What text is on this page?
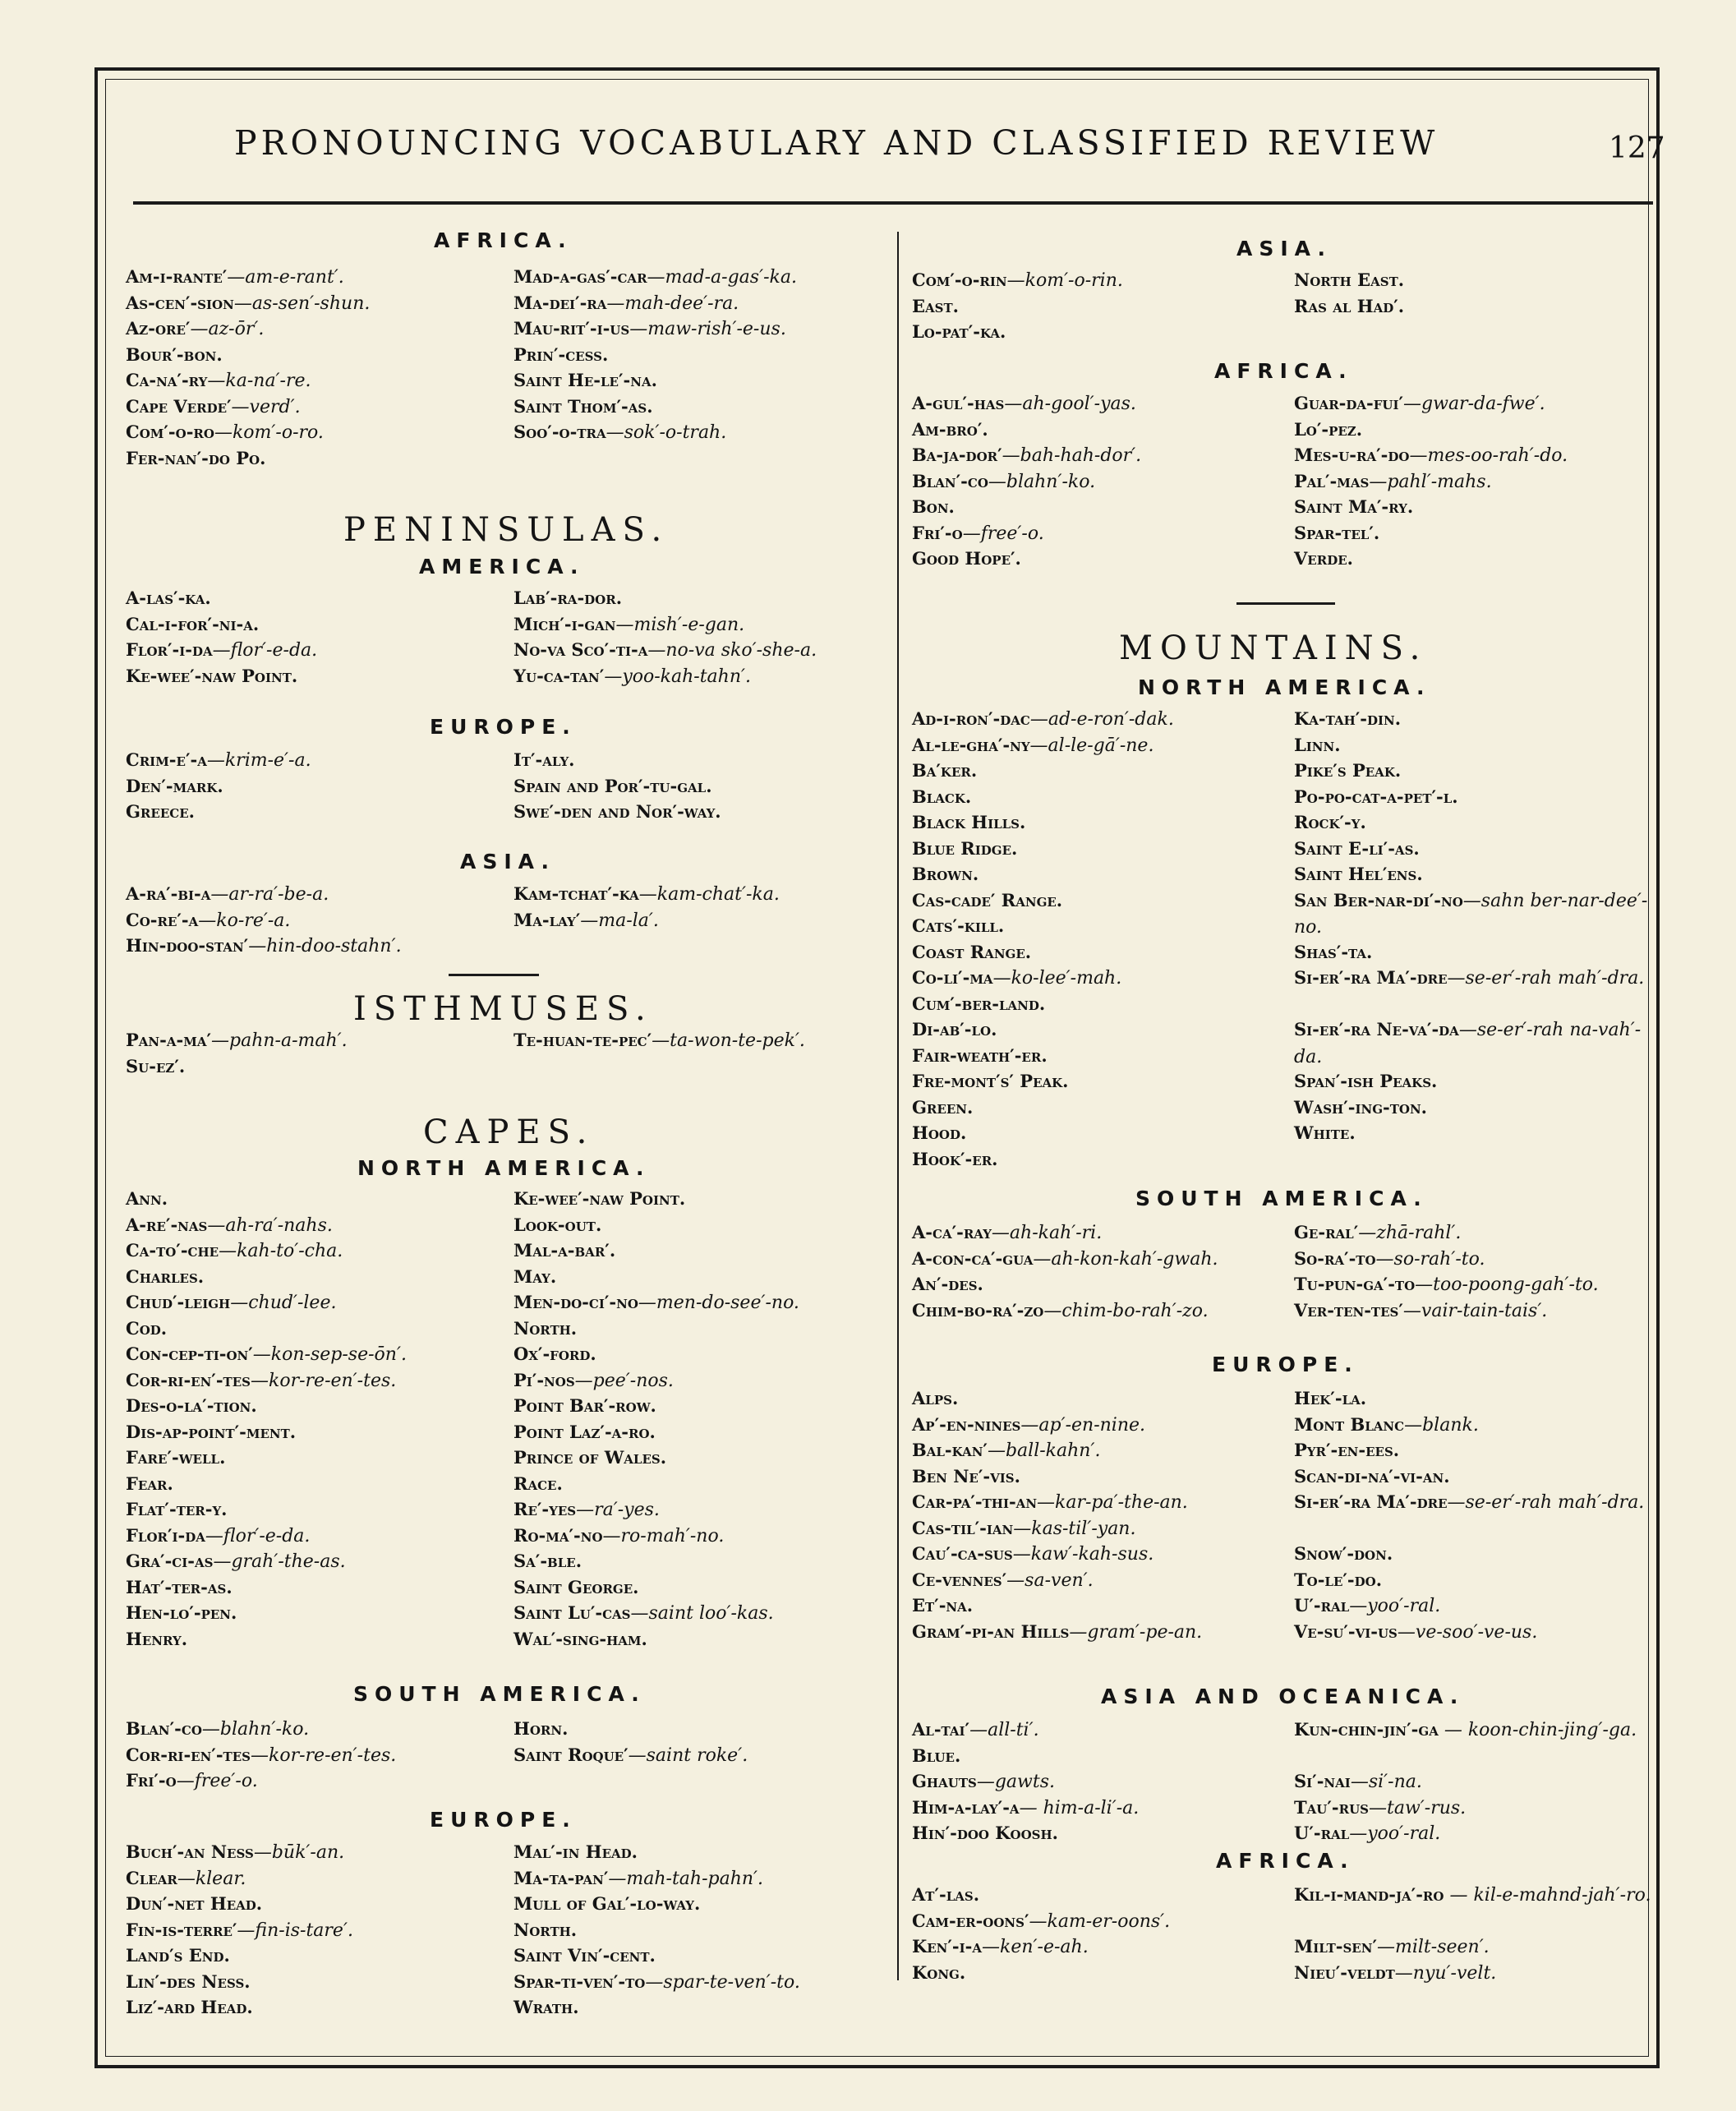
PRONOUNCING VOCABULARY AND CLASSIFIED REVIEW	127
AFRICA.
Am-i-rante′—am-e-rant′.
As-cen′-sion—as-sen′-shun.
Az-ore′—az-ōr′.
Bour′-bon.
Ca-na′-ry—ka-na′-re.
Cape Verde′—verd′.
Com′-o-ro—kom′-o-ro.
Fer-nan′-do Po.
Mad-a-gas′-car—mad-a-gas′-ka.
Ma-dei′-ra—mah-dee′-ra.
Mau-rit′-i-us—maw-rish′-e-us.
Prin′-cess.
Saint He-le′-na.
Saint Thom′-as.
Soo′-o-tra—sok′-o-trah.
PENINSULAS.
AMERICA.
A-las′-ka.
Cal-i-for′-ni-a.
Flor′-i-da—flor′-e-da.
Ke-wee′-naw Point.
Lab′-ra-dor.
Mich′-i-gan—mish′-e-gan.
No-va Sco′-ti-a—no-va sko′-she-a.
Yu-ca-tan′—yoo-kah-tahn′.
EUROPE.
Crim-e′-a—krim-e′-a.
Den′-mark.
Greece.
It′-aly.
Spain and Por′-tu-gal.
Swe′-den and Nor′-way.
ASIA.
A-ra′-bi-a—ar-ra′-be-a.
Co-re′-a—ko-re′-a.
Hin-doo-stan′—hin-doo-stahn′.
Kam-tchat′-ka—kam-chat′-ka.
Ma-lay′—ma-la′.
ISTHMUSES.
Pan-a-ma′—pahn-a-mah′.
Su-ez′.
Te-huan-te-pec′—ta-won-te-pek′.
CAPES.
NORTH AMERICA.
Ann.
A-re′-nas—ah-ra′-nahs.
Ca-to′-che—kah-to′-cha.
Charles.
Chud′-leigh—chud′-lee.
Cod.
Con-cep-ti-on′—kon-sep-se-ōn′.
Cor-ri-en′-tes—kor-re-en′-tes.
Des-o-la′-tion.
Dis-ap-point′-ment.
Fare′-well.
Fear.
Flat′-ter-y.
Flor′i-da—flor′-e-da.
Gra′-ci-as—grah′-the-as.
Hat′-ter-as.
Hen-lo′-pen.
Henry.
Ke-wee′-naw Point.
Look-out.
Mal-a-bar′.
May.
Men-do-ci′-no—men-do-see′-no.
North.
Ox′-ford.
Pi′-nos—pee′-nos.
Point Bar′-row.
Point Laz′-a-ro.
Prince of Wales.
Race.
Re′-yes—ra′-yes.
Ro-ma′-no—ro-mah′-no.
Sa′-ble.
Saint George.
Saint Lu′-cas—saint loo′-kas.
Wal′-sing-ham.
SOUTH AMERICA.
Blan′-co—blahn′-ko.
Cor-ri-en′-tes—kor-re-en′-tes.
Fri′-o—free′-o.
Horn.
Saint Roque′—saint roke′.
EUROPE.
Buch′-an Ness—būk′-an.
Clear—klear.
Dun′-net Head.
Fin-is-terre′—fin-is-tare′.
Land′s End.
Lin′-des Ness.
Liz′-ard Head.
Mal′-in Head.
Ma-ta-pan′—mah-tah-pahn′.
Mull of Gal′-lo-way.
North.
Saint Vin′-cent.
Spar-ti-ven′-to—spar-te-ven′-to.
Wrath.
ASIA.
Com′-o-rin—kom′-o-rin.
East.
Lo-pat′-ka.
North East.
Ras al Had′.
AFRICA.
A-gul′-has—ah-gool′-yas.
Am-bro′.
Ba-ja-dor′—bah-hah-dor′.
Blan′-co—blahn′-ko.
Bon.
Fri′-o—free′-o.
Good Hope′.
Guar-da-fui′—gwar-da-fwe′.
Lo′-pez.
Mes-u-ra′-do—mes-oo-rah′-do.
Pal′-mas—pahl′-mahs.
Saint Ma′-ry.
Spar-tel′.
Verde.
MOUNTAINS.
NORTH AMERICA.
Ad-i-ron′-dac—ad-e-ron′-dak.
Al-le-gha′-ny—al-le-gā′-ne.
Ba′ker.
Black.
Black Hills.
Blue Ridge.
Brown.
Cas-cade′ Range.
Cats′-kill.
Coast Range.
Co-li′-ma—ko-lee′-mah.
Cum′-ber-land.
Di-ab′-lo.
Fair-weath′-er.
Fre-mont′s′ Peak.
Green.
Hood.
Hook′-er.
Ka-tah′-din.
Linn.
Pike′s Peak.
Po-po-cat-a-pet′-l.
Rock′-y.
Saint E-li′-as.
Saint Hel′ens.
San Ber-nar-di′-no—sahn ber-nar-dee′-no.
Shas′-ta.
Si-er′-ra Ma′-dre—se-er′-rah mah′-dra.
Si-er′-ra Ne-va′-da—se-er′-rah na-vah′-da.
Span′-ish Peaks.
Wash′-ing-ton.
White.
SOUTH AMERICA.
A-ca′-ray—ah-kah′-ri.
A-con-ca′-gua—ah-kon-kah′-gwah.
An′-des.
Chim-bo-ra′-zo—chim-bo-rah′-zo.
Ge-ral′—zhā-rahl′.
So-ra′-to—so-rah′-to.
Tu-pun-ga′-to—too-poong-gah′-to.
Ver-ten-tes′—vair-tain-tais′.
EUROPE.
Alps.
Ap′-en-nines—ap′-en-nine.
Bal-kan′—ball-kahn′.
Ben Ne′-vis.
Car-pa′-thi-an—kar-pa′-the-an.
Cas-til′-ian—kas-til′-yan.
Cau′-ca-sus—kaw′-kah-sus.
Ce-vennes′—sa-ven′.
Et′-na.
Gram′-pi-an Hills—gram′-pe-an.
Hek′-la.
Mont Blanc—blank.
Pyr′-en-ees.
Scan-di-na′-vi-an.
Si-er′-ra Ma′-dre—se-er′-rah mah′-dra.
Snow′-don.
To-le′-do.
U′-ral—yoo′-ral.
Ve-su′-vi-us—ve-soo′-ve-us.
ASIA AND OCEANICA.
Al-tai′—all-ti′.
Blue.
Ghauts—gawts.
Him-a-lay′-a— him-a-li′-a.
Hin′-doo Koosh.
Kun-chin-jin′-ga — koon-chin-jing′-ga.
Si′-nai—si′-na.
Tau′-rus—taw′-rus.
U′-ral—yoo′-ral.
AFRICA.
At′-las.
Cam-er-oons′—kam-er-oons′.
Ken′-i-a—ken′-e-ah.
Kong.
Kil-i-mand-ja′-ro — kil-e-mahnd-jah′-ro.
Milt-sen′—milt-seen′.
Nieu′-veldt—nyu′-velt.
